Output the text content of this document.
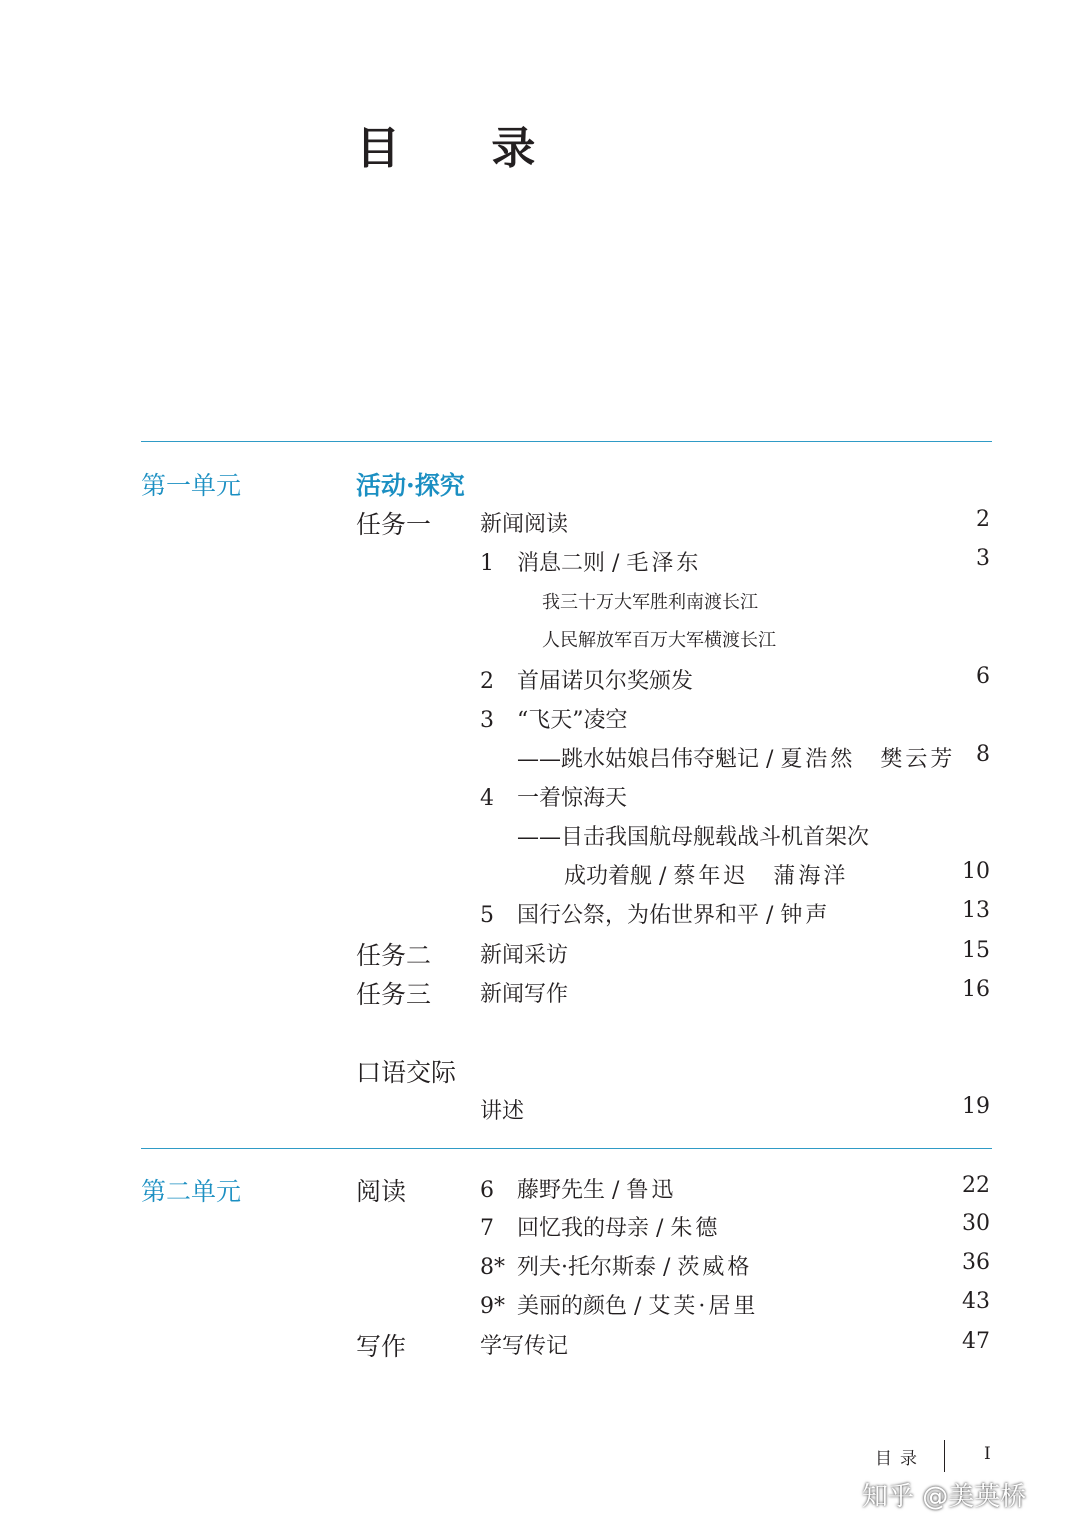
目 录
第一单元	活动·探究
任务一 新闻阅读	2
1 消息二则 / 毛泽东	3
我三十万大军胜利南渡长江
人民解放军百万大军横渡长江
2 首届诺贝尔奖颁发	6
3 “飞天”凌空
——跳水姑娘吕伟夺魁记 / 夏浩然　樊云芳 8
4 一着惊海天
——目击我国航母舰载战斗机首架次
成功着舰 / 蔡年迟　蒲海洋	10
5 国行公祭，为佑世界和平 / 钟声	13
任务二 新闻采访	15
任务三 新闻写作	16
口语交际
讲述	19
第二单元	阅读	6 藤野先生 / 鲁迅	22
7 回忆我的母亲 / 朱德	30
8* 列夫·托尔斯泰 / 茨威格	36
9* 美丽的颜色 / 艾芙·居里	43
写作	学写传记	47
目录	I
知乎 @美英桥
